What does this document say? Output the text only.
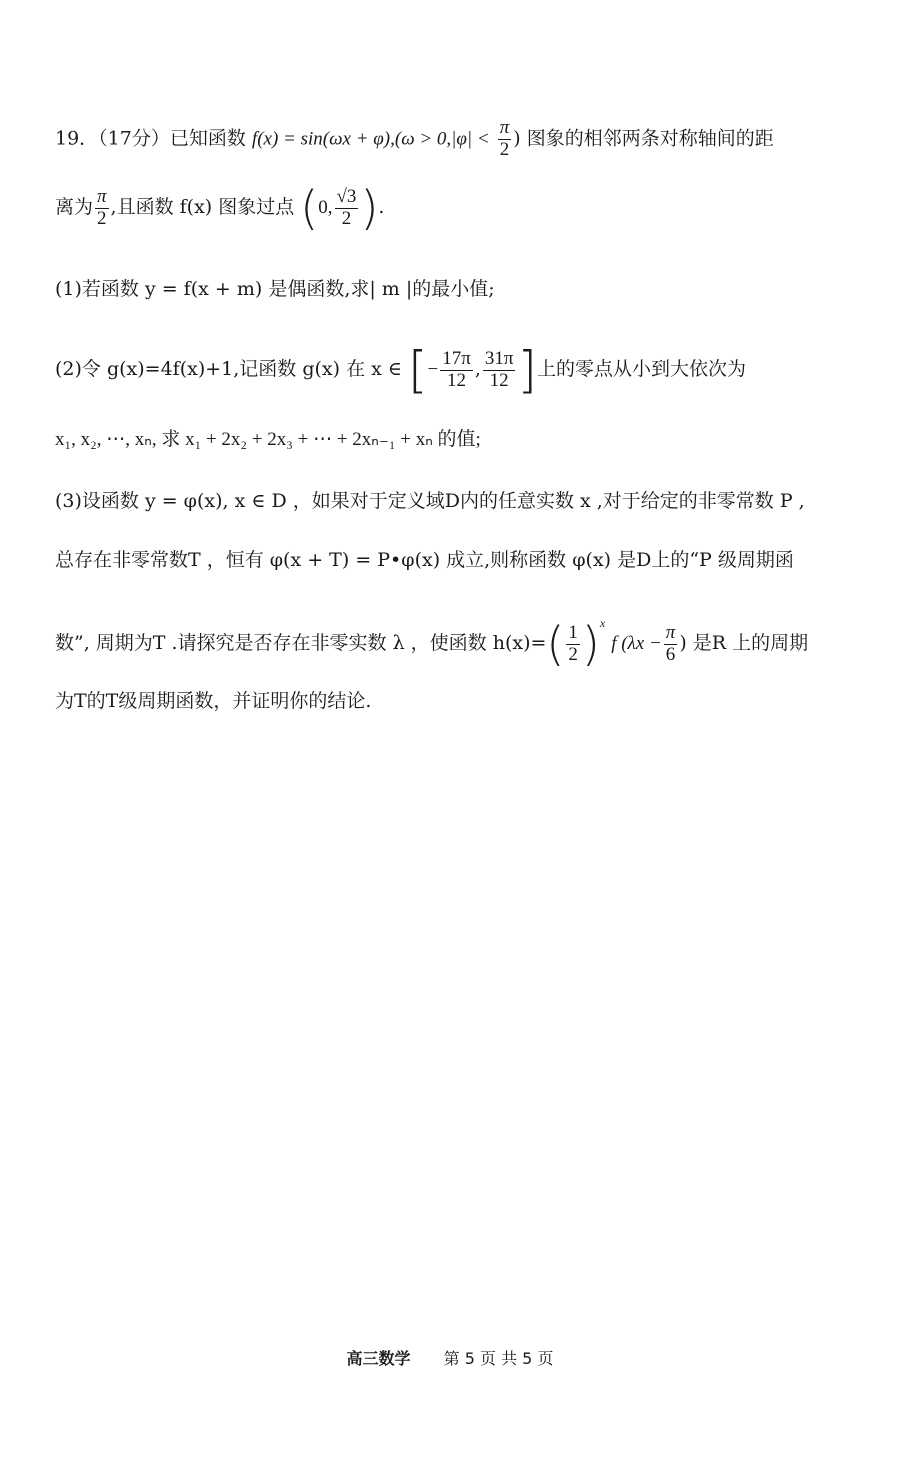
19．（17分）已知函数 $f(x) = \sin(\omega x + \varphi),(\omega > 0,|\varphi| < \frac{\pi}{2}$ ) 图象的相邻两条对称轴间的距
离为 $\frac{\pi}{2}$ ,且函数 f(x) 图象过点 (0, $\frac{√3}{2}$ ).
(1)若函数 y = f(x + m) 是偶函数,求| m |的最小值;
(2)令 g(x)=4f(x)+1,记函数 g(x) 在 x ∈ [− $\frac{17\pi}{12}$ , $\frac{31\pi}{12}$ ]上的零点从小到大依次为
x₁, x₂, ⋯, xₙ, 求 x₁ + 2x₂ + 2x₃ + ⋯ + 2xₙ₋₁ + xₙ 的值;
(3)设函数 y = φ(x), x ∈ D ，如果对于定义域D内的任意实数 x ,对于给定的非零常数 P ,
总存在非零常数T ，恒有 φ(x + T) = P•φ(x) 成立,则称函数 φ(x) 是D上的“P 级周期函
数”, 周期为T .请探究是否存在非零实数 λ ，使函数 $h(x)=( \frac{1}{2} )^x$ f ($\lambda x - \frac{\pi}{6}$ ) 是R 上的周期
为T的T级周期函数，并证明你的结论.
高三数学 第 5 页 共 5 页
